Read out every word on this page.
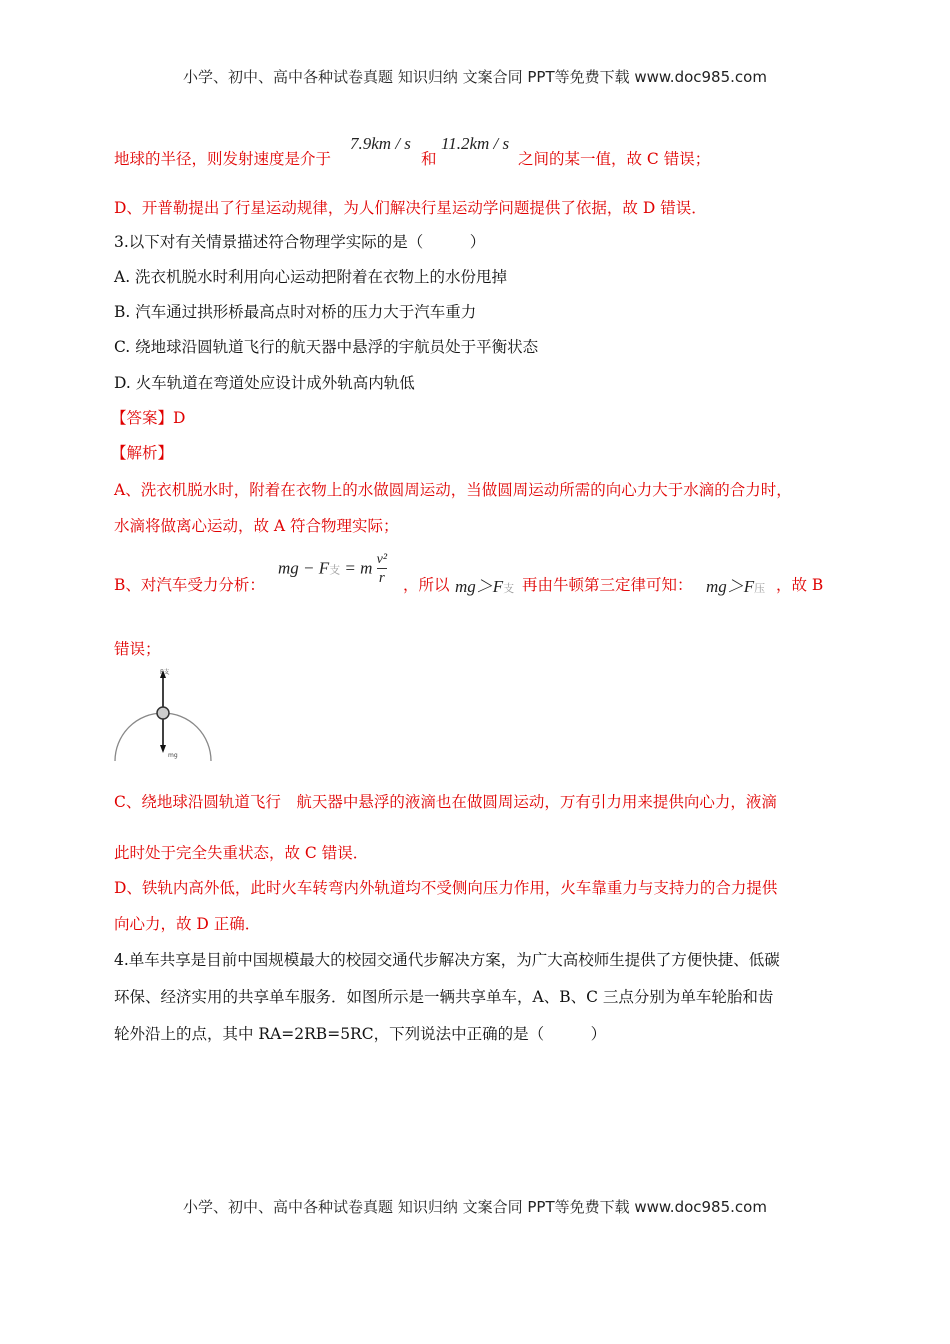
小学、初中、高中各种试卷真题 知识归纳 文案合同 PPT等免费下载 www.doc985.com
地球的半径，则发射速度是介于
7.9km / s
和
11.2km / s
之间的某一值，故 C 错误；
D、开普勒提出了行星运动规律，为人们解决行星运动学问题提供了依据，故 D 错误．
3.以下对有关情景描述符合物理学实际的是（　　　）
A. 洗衣机脱水时利用向心运动把附着在衣物上的水份甩掉
B. 汽车通过拱形桥最高点时对桥的压力大于汽车重力
C. 绕地球沿圆轨道飞行的航天器中悬浮的宇航员处于平衡状态
D. 火车轨道在弯道处应设计成外轨高内轨低
【答案】D
【解析】
A、洗衣机脱水时，附着在衣物上的水做圆周运动，当做圆周运动所需的向心力大于水滴的合力时，
水滴将做离心运动，故 A 符合物理实际；
B、对汽车受力分析：
mg − F支 = m $\frac{\text{v²}}{r}$ ，所以 mg＞F支 再由牛顿第三定律可知： mg＞F压 ，故 B
错误；
F支
mg
C、绕地球沿圆轨道飞行　航天器中悬浮的液滴也在做圆周运动，万有引力用来提供向心力，液滴
此时处于完全失重状态，故 C 错误．
D、铁轨内高外低，此时火车转弯内外轨道均不受侧向压力作用，火车靠重力与支持力的合力提供
向心力，故 D 正确．
4.单车共享是目前中国规模最大的校园交通代步解决方案，为广大高校师生提供了方便快捷、低碳
环保、经济实用的共享单车服务．如图所示是一辆共享单车，A、B、C 三点分别为单车轮胎和齿
轮外沿上的点，其中 RA=2RB=5RC，下列说法中正确的是（　　　）
小学、初中、高中各种试卷真题 知识归纳 文案合同 PPT等免费下载 www.doc985.com
